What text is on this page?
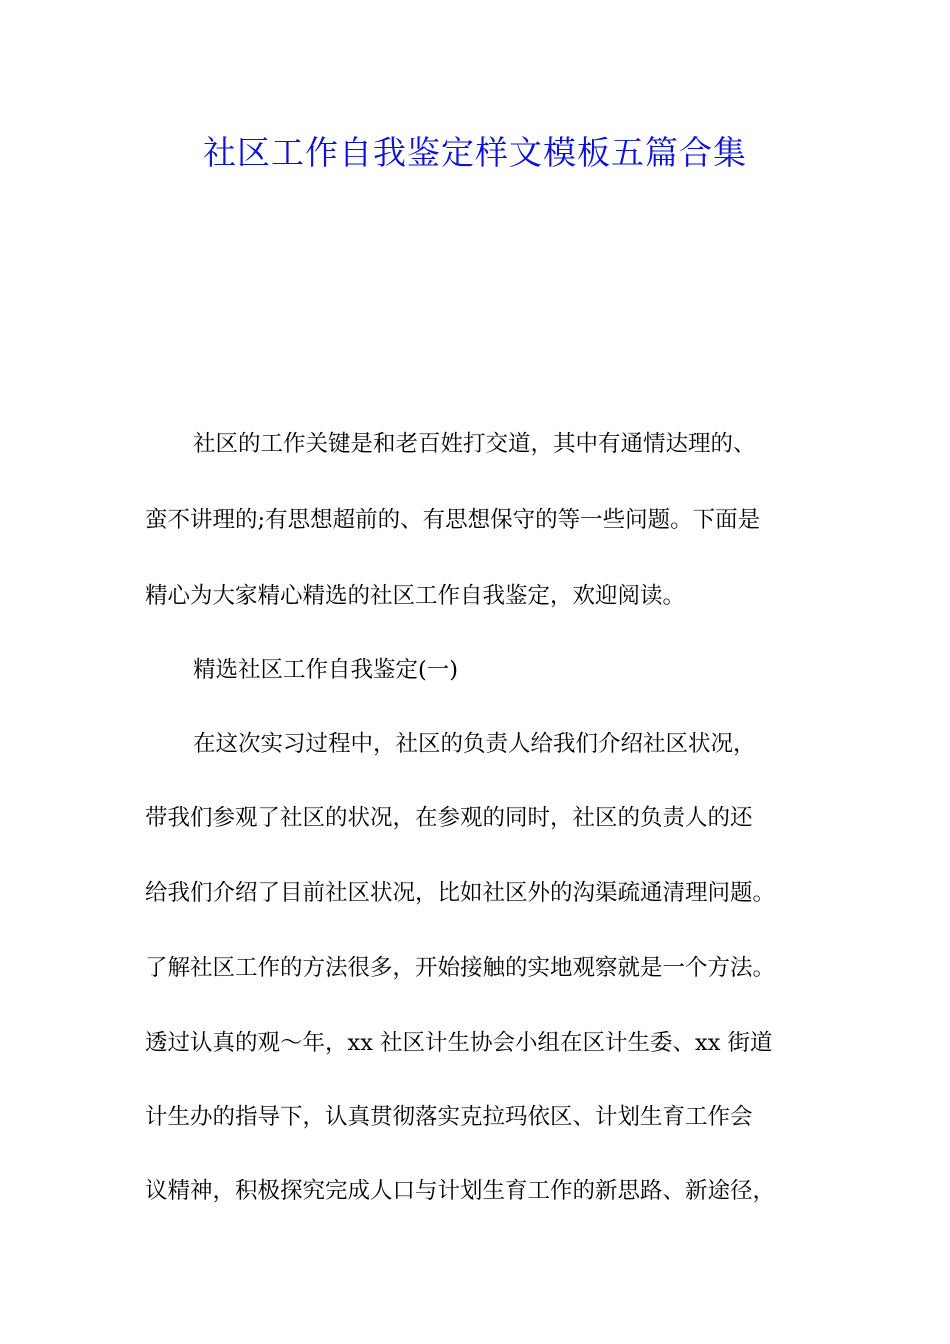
社区工作自我鉴定样文模板五篇合集
社区的工作关键是和老百姓打交道，其中有通情达理的、
蛮不讲理的;有思想超前的、有思想保守的等一些问题。下面是
精心为大家精心精选的社区工作自我鉴定，欢迎阅读。
精选社区工作自我鉴定(一)
在这次实习过程中，社区的负责人给我们介绍社区状况，
带我们参观了社区的状况，在参观的同时，社区的负责人的还
给我们介绍了目前社区状况，比如社区外的沟渠疏通清理问题。
了解社区工作的方法很多，开始接触的实地观察就是一个方法。
透过认真的观～年，xx 社区计生协会小组在区计生委、xx 街道
计生办的指导下，认真贯彻落实克拉玛依区、计划生育工作会
议精神，积极探究完成人口与计划生育工作的新思路、新途径，
